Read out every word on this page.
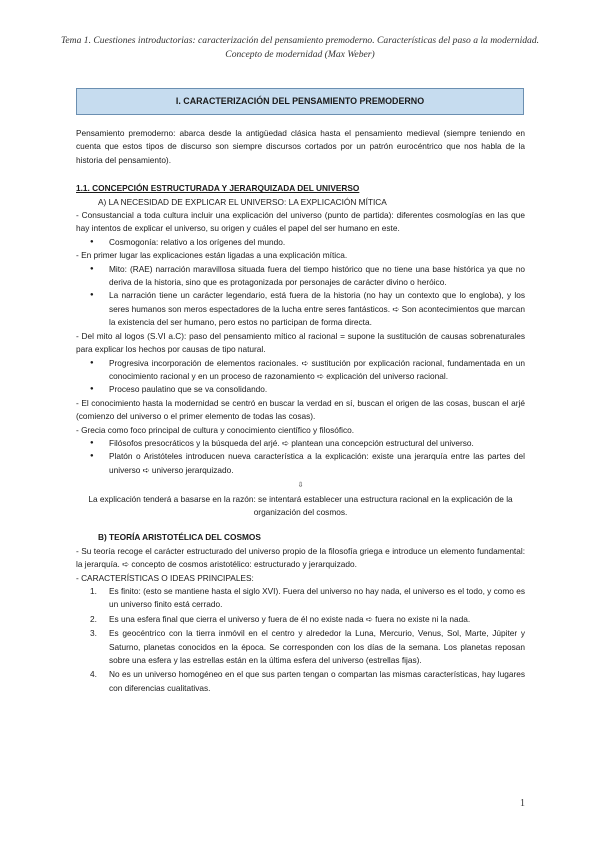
Tema 1. Cuestiones introductorias: caracterización del pensamiento premoderno. Características del paso a la modernidad. Concepto de modernidad (Max Weber)
I. CARACTERIZACIÓN DEL PENSAMIENTO PREMODERNO

Pensamiento premoderno: abarca desde la antigüedad clásica hasta el pensamiento medieval (siempre teniendo en cuenta que estos tipos de discurso son siempre discursos cortados por un patrón eurocéntrico que nos habla de la historia del pensamiento).

1.1. CONCEPCIÓN ESTRUCTURADA Y JERARQUIZADA DEL UNIVERSO

A) LA NECESIDAD DE EXPLICAR EL UNIVERSO: LA EXPLICACIÓN MÍTICA

- Consustancial a toda cultura incluir una explicación del universo (punto de partida): diferentes cosmologías en las que hay intentos de explicar el universo, su origen y cuáles el papel del ser humano en este.

● Cosmogonía: relativo a los orígenes del mundo.

- En primer lugar las explicaciones están ligadas a una explicación mítica.

● Mito: (RAE) narración maravillosa situada fuera del tiempo histórico que no tiene una base histórica ya que no deriva de la historia, sino que es protagonizada por personajes de carácter divino o heróico.
● La narración tiene un carácter legendario, está fuera de la historia (no hay un contexto que lo engloba), y los seres humanos son meros espectadores de la lucha entre seres fantásticos. ➪ Son acontecimientos que marcan la existencia del ser humano, pero estos no participan de forma directa.

- Del mito al logos (S.VI a.C): paso del pensamiento mítico al racional = supone la sustitución de causas sobrenaturales para explicar los hechos por causas de tipo natural.

● Progresiva incorporación de elementos racionales. ➪ sustitución por explicación racional, fundamentada en un conocimiento racional y en un proceso de razonamiento ➪ explicación del universo racional.
● Proceso paulatino que se va consolidando.

- El conocimiento hasta la modernidad se centró en buscar la verdad en sí, buscan el origen de las cosas, buscan el arjé (comienzo del universo o el primer elemento de todas las cosas).

- Grecia como foco principal de cultura y conocimiento científico y filosófico.

● Filósofos presocráticos y la búsqueda del arjé. ➪ plantean una concepción estructural del universo.
● Platón o Aristóteles introducen nueva característica a la explicación: existe una jerarquía entre las partes del universo ➪ universo jerarquizado.

⇩

La explicación tenderá a basarse en la razón: se intentará establecer una estructura racional en la explicación de la organización del cosmos.

B) TEORÍA ARISTOTÉLICA DEL COSMOS

- Su teoría recoge el carácter estructurado del universo propio de la filosofía griega e introduce un elemento fundamental: la jerarquía. ➪ concepto de cosmos aristotélico: estructurado y jerarquizado.

- CARACTERÍSTICAS O IDEAS PRINCIPALES:

1. Es finito: (esto se mantiene hasta el siglo XVI). Fuera del universo no hay nada, el universo es el todo, y como es un universo finito está cerrado.
2. Es una esfera final que cierra el universo y fuera de él no existe nada ➪ fuera no existe ni la nada.
3. Es geocéntrico con la tierra inmóvil en el centro y alrededor la Luna, Mercurio, Venus, Sol, Marte, Júpiter y Saturno, planetas conocidos en la época. Se corresponden con los días de la semana. Los planetas reposan sobre una esfera y las estrellas están en la última esfera del universo (estrellas fijas).
4. No es un universo homogéneo en el que sus parten tengan o compartan las mismas características, hay lugares con diferencias cualitativas.
1
